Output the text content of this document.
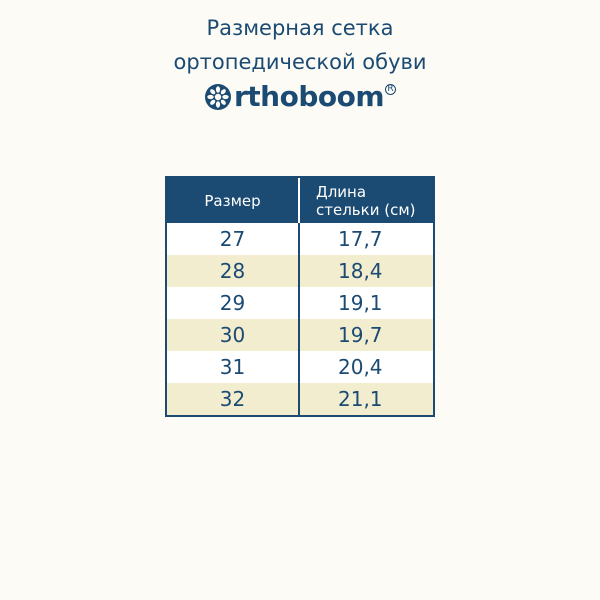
Размерная сетка
ортопедической обуви
rthoboom R
Размер	Длина
стельки (см)
27	17,7
28	18,4
29	19,1
30	19,7
31	20,4
32	21,1
